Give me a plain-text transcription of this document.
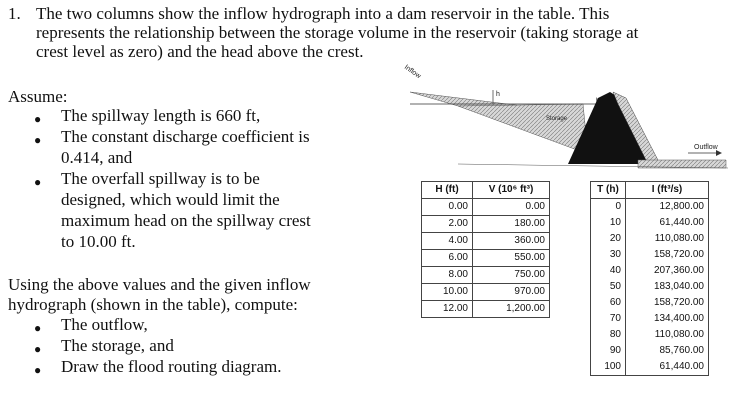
1. The two columns show the inflow hydrograph into a dam reservoir in the table. This
represents the relationship between the storage volume in the reservoir (taking storage at
crest level as zero) and the head above the crest.
Assume:
● The spillway length is 660 ft,
● The constant discharge coefficient is
0.414, and
● The overfall spillway is to be
designed, which would limit the
maximum head on the spillway crest
to 10.00 ft.
Using the above values and the given inflow
hydrograph (shown in the table), compute:
● The outflow,
● The storage, and
● Draw the flood routing diagram.
Inflow
h
Storage
Outflow
H (ft)	V (10⁶ ft³)
0.00	0.00
2.00	180.00
4.00	360.00
6.00	550.00
8.00	750.00
10.00	970.00
12.00	1,200.00
T (h)	I (ft³/s)
0	12,800.00
10	61,440.00
20	110,080.00
30	158,720.00
40	207,360.00
50	183,040.00
60	158,720.00
70	134,400.00
80	110,080.00
90	85,760.00
100	61,440.00
